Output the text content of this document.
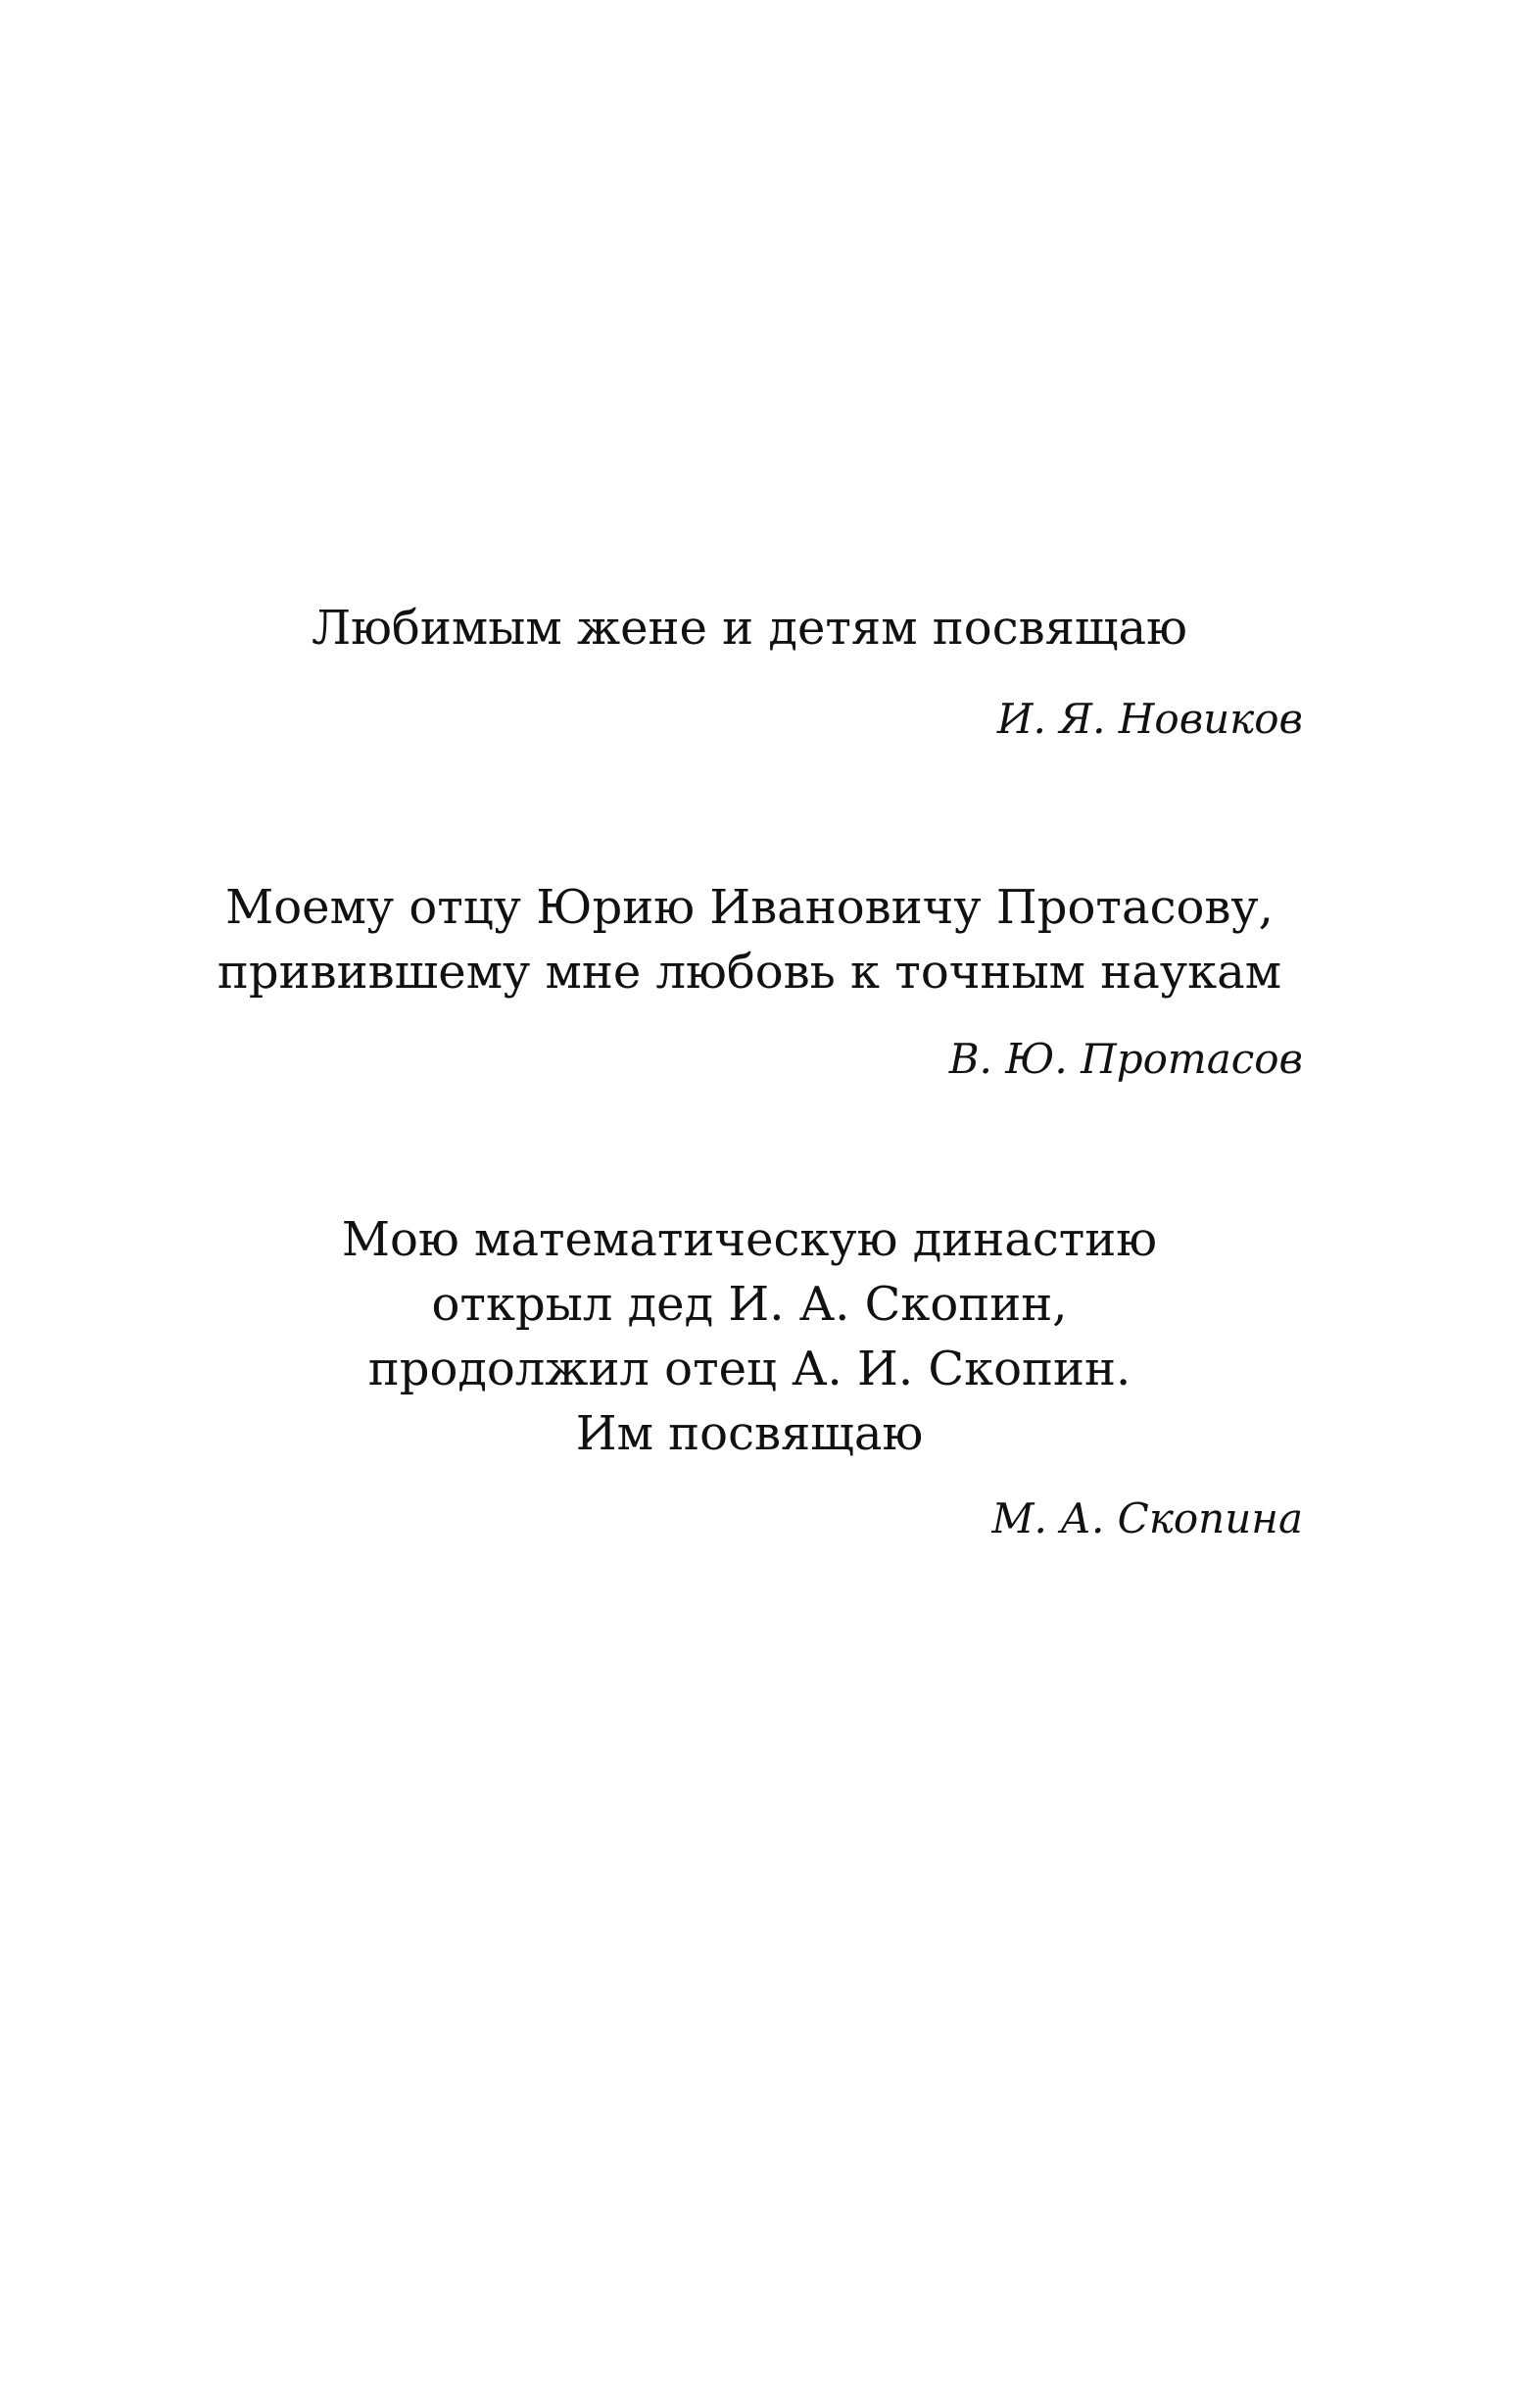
Любимым жене и детям посвящаю

И. Я. Новиков

Моему отцу Юрию Ивановичу Протасову,
привившему мне любовь к точным наукам

В. Ю. Протасов

Мою математическую династию
открыл дед И. А. Скопин,
продолжил отец А. И. Скопин.
Им посвящаю

М. А. Скопина
